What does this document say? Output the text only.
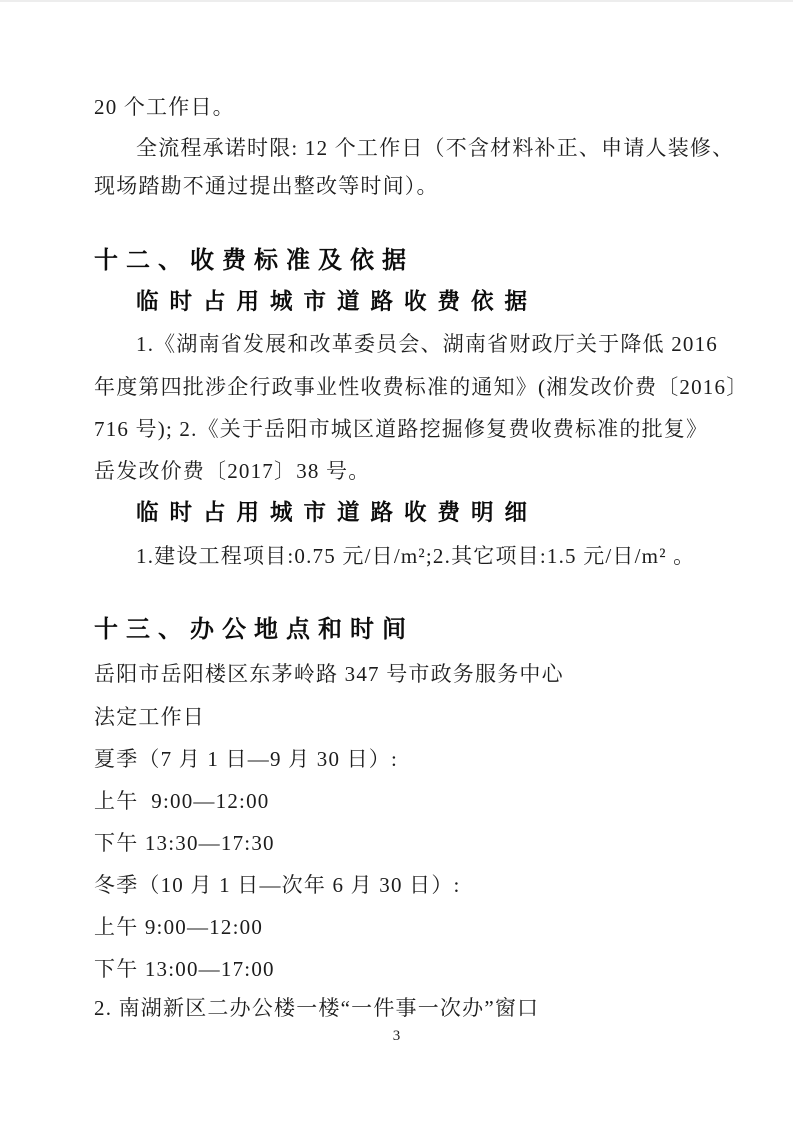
20 个工作日。
全流程承诺时限: 12 个工作日（不含材料补正、申请人装修、
现场踏勘不通过提出整改等时间）。
十二、收费标准及依据
临时占用城市道路收费依据
1.《湖南省发展和改革委员会、湖南省财政厅关于降低 2016
年度第四批涉企行政事业性收费标准的通知》(湘发改价费〔2016〕
716 号); 2.《关于岳阳市城区道路挖掘修复费收费标准的批复》
岳发改价费〔2017〕38 号。
临时占用城市道路收费明细
1.建设工程项目:0.75 元/日/m²;2.其它项目:1.5 元/日/m² 。
十三、办公地点和时间
岳阳市岳阳楼区东茅岭路 347 号市政务服务中心
法定工作日
夏季（7 月 1 日—9 月 30 日）:
上午  9:00—12:00
下午 13:30—17:30
冬季（10 月 1 日—次年 6 月 30 日）:
上午 9:00—12:00
下午 13:00—17:00
2. 南湖新区二办公楼一楼“一件事一次办”窗口
3
